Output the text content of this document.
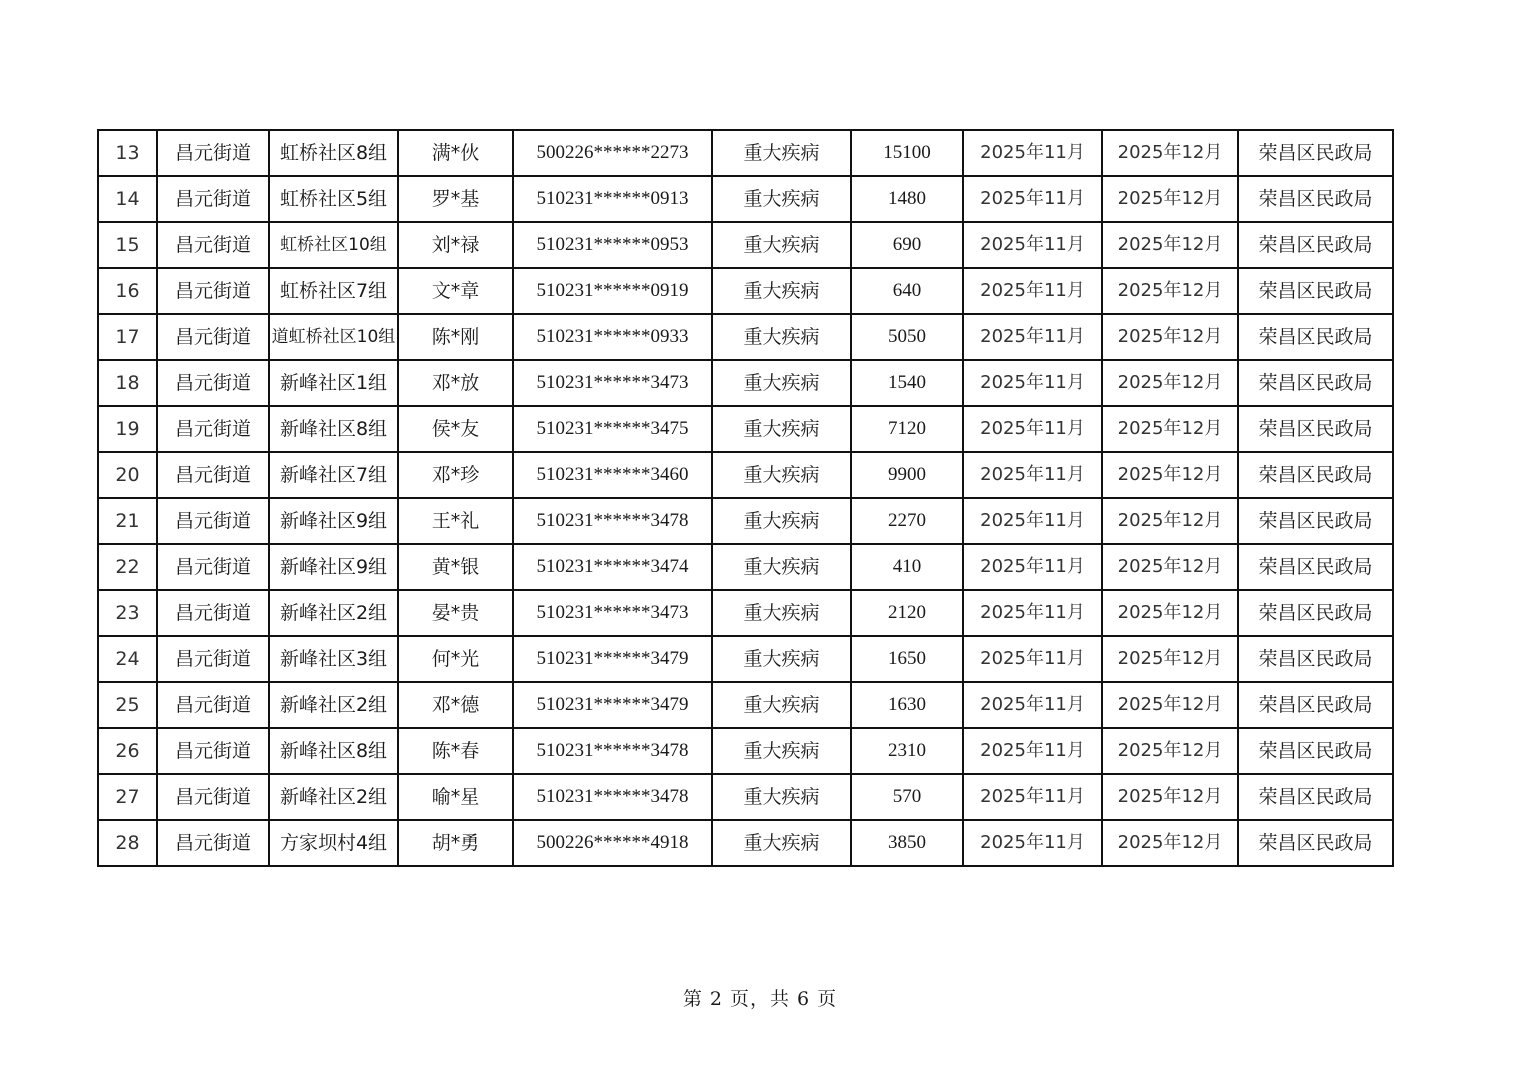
13	昌元街道	虹桥社区8组	满*伙	500226******2273	重大疾病	15100	2025年11月	2025年12月	荣昌区民政局
14	昌元街道	虹桥社区5组	罗*基	510231******0913	重大疾病	1480	2025年11月	2025年12月	荣昌区民政局
15	昌元街道	虹桥社区10组	刘*禄	510231******0953	重大疾病	690	2025年11月	2025年12月	荣昌区民政局
16	昌元街道	虹桥社区7组	文*章	510231******0919	重大疾病	640	2025年11月	2025年12月	荣昌区民政局
17	昌元街道	道虹桥社区10组	陈*刚	510231******0933	重大疾病	5050	2025年11月	2025年12月	荣昌区民政局
18	昌元街道	新峰社区1组	邓*放	510231******3473	重大疾病	1540	2025年11月	2025年12月	荣昌区民政局
19	昌元街道	新峰社区8组	侯*友	510231******3475	重大疾病	7120	2025年11月	2025年12月	荣昌区民政局
20	昌元街道	新峰社区7组	邓*珍	510231******3460	重大疾病	9900	2025年11月	2025年12月	荣昌区民政局
21	昌元街道	新峰社区9组	王*礼	510231******3478	重大疾病	2270	2025年11月	2025年12月	荣昌区民政局
22	昌元街道	新峰社区9组	黄*银	510231******3474	重大疾病	410	2025年11月	2025年12月	荣昌区民政局
23	昌元街道	新峰社区2组	晏*贵	510231******3473	重大疾病	2120	2025年11月	2025年12月	荣昌区民政局
24	昌元街道	新峰社区3组	何*光	510231******3479	重大疾病	1650	2025年11月	2025年12月	荣昌区民政局
25	昌元街道	新峰社区2组	邓*德	510231******3479	重大疾病	1630	2025年11月	2025年12月	荣昌区民政局
26	昌元街道	新峰社区8组	陈*春	510231******3478	重大疾病	2310	2025年11月	2025年12月	荣昌区民政局
27	昌元街道	新峰社区2组	喻*星	510231******3478	重大疾病	570	2025年11月	2025年12月	荣昌区民政局
28	昌元街道	方家坝村4组	胡*勇	500226******4918	重大疾病	3850	2025年11月	2025年12月	荣昌区民政局
第 2 页，共 6 页
